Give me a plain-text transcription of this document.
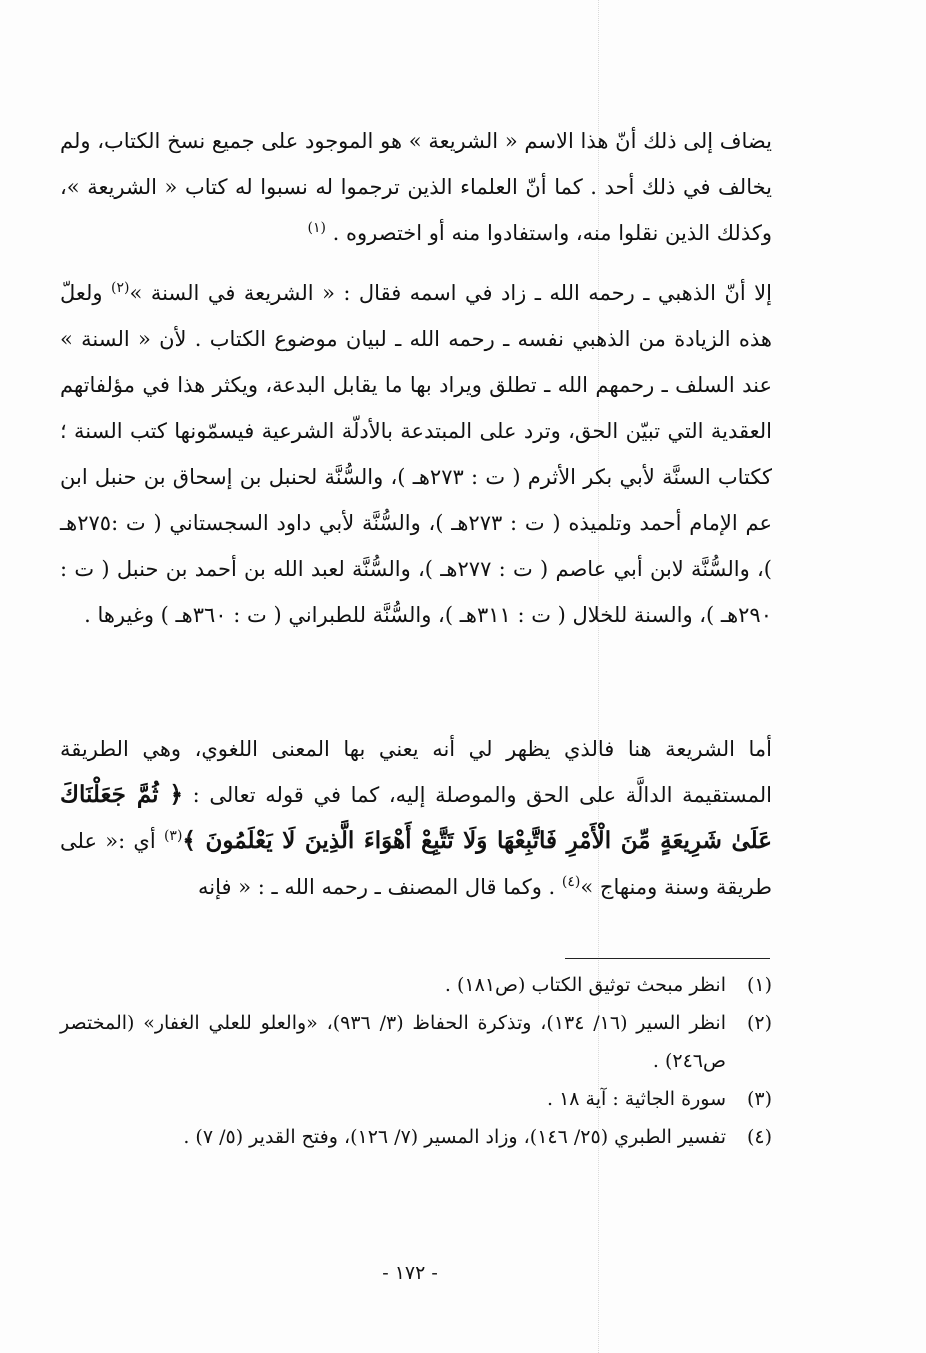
يضاف إلى ذلك أنّ هذا الاسم « الشريعة » هو الموجود على جميع نسخ الكتاب، ولم يخالف في ذلك أحد . كما أنّ العلماء الذين ترجموا له نسبوا له كتاب « الشريعة »، وكذلك الذين نقلوا منه، واستفادوا منه أو اختصروه . $^{(١)}$

إلا أنّ الذهبي ـ رحمه الله ـ زاد في اسمه فقال : « الشريعة في السنة »$^{(٢)}$ ولعلّ هذه الزيادة من الذهبي نفسه ـ رحمه الله ـ لبيان موضوع الكتاب . لأن « السنة » عند السلف ـ رحمهم الله ـ تطلق ويراد بها ما يقابل البدعة، ويكثر هذا في مؤلفاتهم العقدية التي تبيّن الحق، وترد على المبتدعة بالأدلّة الشرعية فيسمّونها كتب السنة ؛ ككتاب السنَّة لأبي بكر الأثرم ( ت : ٢٧٣هـ )، والسُّنَّة لحنبل بن إسحاق بن حنبل ابن عم الإمام أحمد وتلميذه ( ت : ٢٧٣هـ )، والسُّنَّة لأبي داود السجستاني ( ت :٢٧٥هـ )، والسُّنَّة لابن أبي عاصم ( ت : ٢٧٧هـ )، والسُّنَّة لعبد الله بن أحمد بن حنبل ( ت : ٢٩٠هـ )، والسنة للخلال ( ت : ٣١١هـ )، والسُّنَّة للطبراني ( ت : ٣٦٠هـ ) وغيرها .

أما الشريعة هنا فالذي يظهر لي أنه يعني بها المعنى اللغوي، وهي الطريقة المستقيمة الدالَّة على الحق والموصلة إليه، كما في قوله تعالى : ﴿ ثُمَّ جَعَلْنَاكَ عَلَىٰ شَرِيعَةٍ مِّنَ الْأَمْرِ فَاتَّبِعْهَا وَلَا تَتَّبِعْ أَهْوَاءَ الَّذِينَ لَا يَعْلَمُونَ ﴾$^{(٣)}$ أي :« على طريقة وسنة ومنهاج »$^{(٤)}$ . وكما قال المصنف ـ رحمه الله ـ : « فإنه

(١)
انظر مبحث توثيق الكتاب (ص١٨١) .
(٢)
انظر السير (١٦/ ١٣٤)، وتذكرة الحفاظ (٣/ ٩٣٦)، «والعلو للعلي الغفار» (المختصر ص٢٤٦) .
(٣)
سورة الجاثية : آية ١٨ .
(٤)
تفسير الطبري (٢٥/ ١٤٦)، وزاد المسير (٧/ ١٢٦)، وفتح القدير (٥/ ٧) .
- ١٧٢ -
